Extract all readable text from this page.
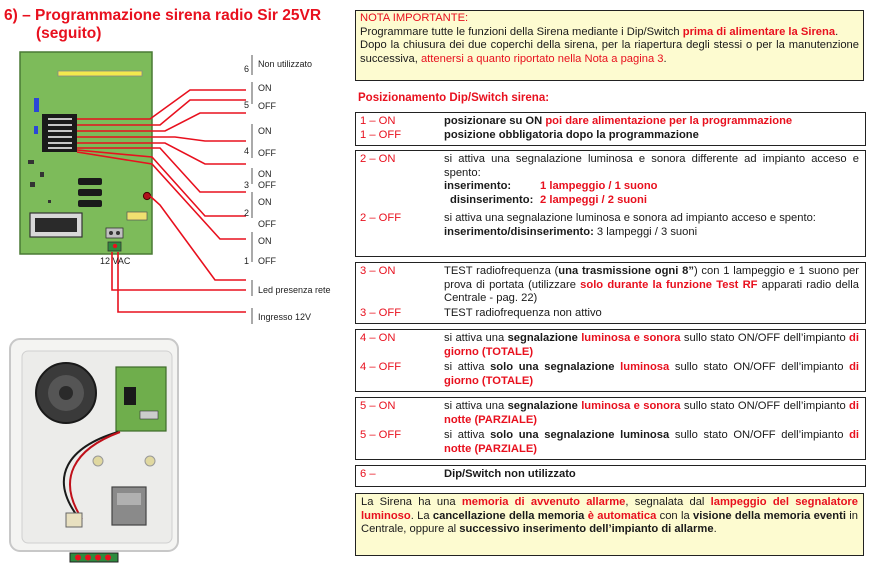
6) – Programmazione sirena radio Sir 25VR
(seguito)
6
5
4
3
2
1
Non utilizzato
ON
OFF
ON
OFF
ON
OFF
ON
OFF
ON
OFF
Led presenza rete
Ingresso 12V
12 VAC
NOTA IMPORTANTE:
Programmare tutte le funzioni della Sirena mediante i Dip/Switch prima di alimentare la Sirena.
Dopo la chiusura dei due coperchi della sirena, per la riapertura degli stessi o per la manutenzione successiva, attenersi a quanto riportato nella Nota a pagina 3.
Posizionamento Dip/Switch sirena:
1 – ON	posizionare su ON poi dare alimentazione per la programmazione
1 – OFF	posizione obbligatoria dopo la programmazione
2 – ON	si attiva una segnalazione luminosa e sonora differente ad impianto acceso e spento:
inserimento:	1 lampeggio / 1 suono
disinserimento: 2 lampeggi / 2 suoni
2 – OFF	si attiva una segnalazione luminosa e sonora ad impianto acceso e spento:
inserimento/disinserimento: 3 lampeggi / 3 suoni
3 – ON	TEST radiofrequenza (una trasmissione ogni 8”) con 1 lampeggio e 1 suono per prova di portata (utilizzare solo durante la funzione Test RF apparati radio della Centrale - pag. 22)
3 – OFF	TEST radiofrequenza non attivo
4 – ON	si attiva una segnalazione luminosa e sonora sullo stato ON/OFF dell’impianto di giorno (TOTALE)
4 – OFF	si attiva solo una segnalazione luminosa sullo stato ON/OFF dell’impianto di giorno (TOTALE)
5 – ON	si attiva una segnalazione luminosa e sonora sullo stato ON/OFF dell’impianto di notte (PARZIALE)
5 – OFF	si attiva solo una segnalazione luminosa sullo stato ON/OFF dell’impianto di notte (PARZIALE)
6 –	Dip/Switch non utilizzato
La Sirena ha una memoria di avvenuto allarme, segnalata dal lampeggio del segnalatore luminoso. La cancellazione della memoria è automatica con la visione della memoria eventi in Centrale, oppure al successivo inserimento dell’impianto di allarme.
